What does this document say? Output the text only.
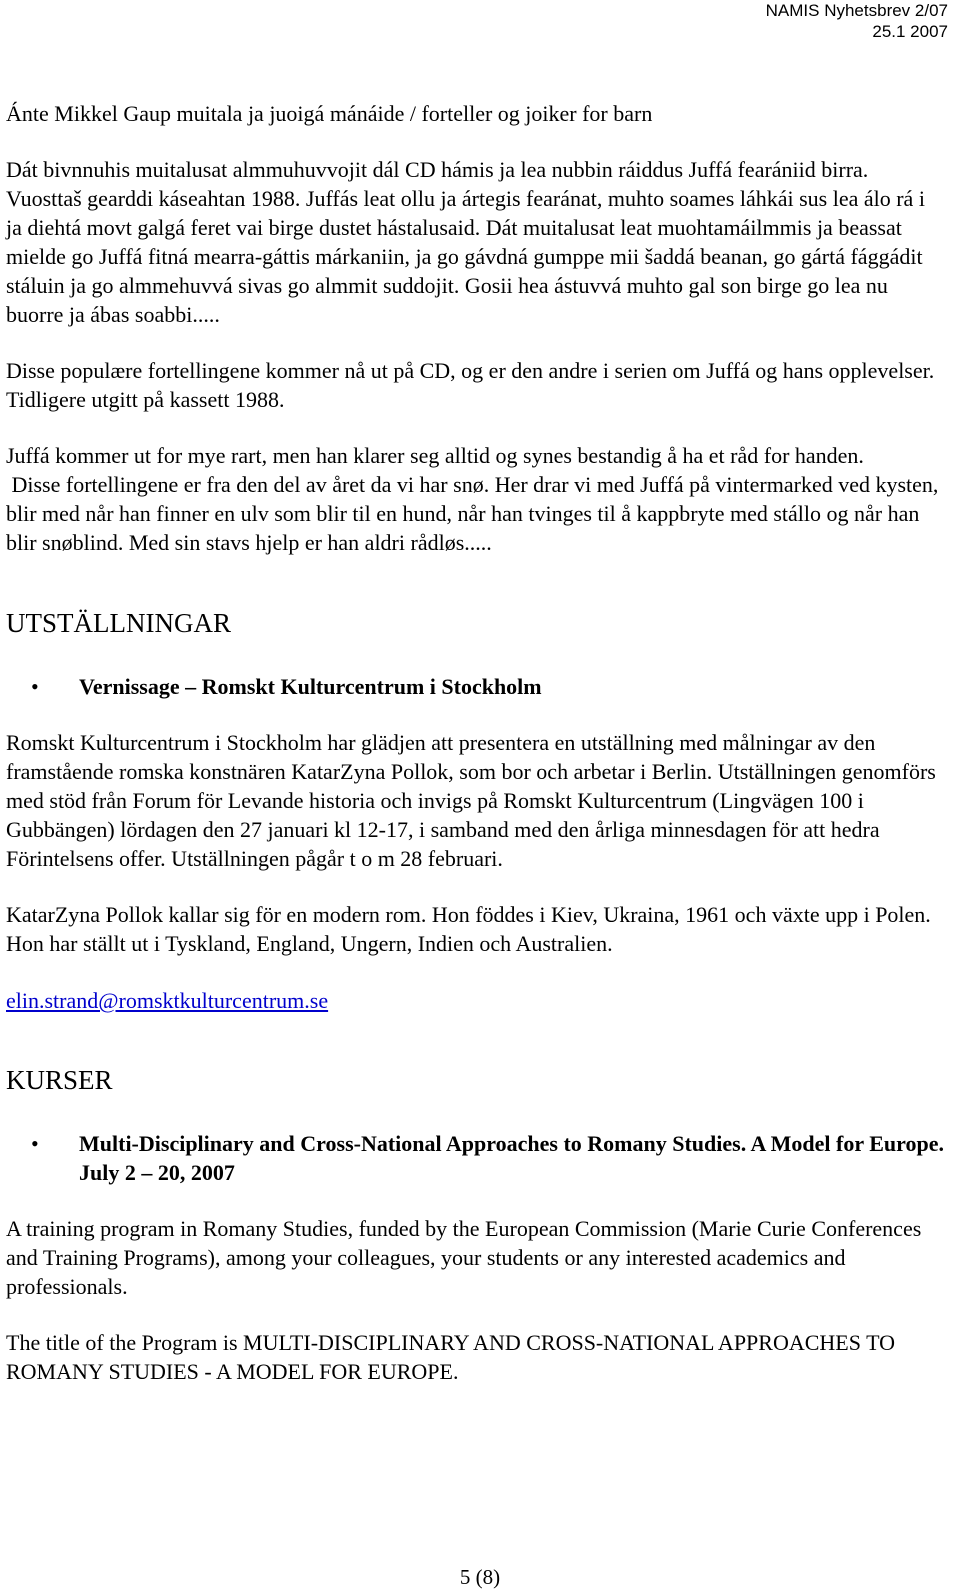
NAMIS Nyhetsbrev 2/07
25.1 2007

Ánte Mikkel Gaup muitala ja juoigá mánáide / forteller og joiker for barn

Dát bivnnuhis muitalusat almmuhuvvojit dál CD hámis ja lea nubbin ráiddus Juffá fearániid birra. Vuosttaš gearddi káseahtan 1988. Juffás leat ollu ja ártegis fearánat, muhto soames láhkái sus lea álo rá i ja diehtá movt galgá feret vai birge dustet hástalusaid. Dát muitalusat leat muohtamáilmmis ja beassat mielde go Juffá fitná mearra-gáttis márkaniin, ja go gávdná gumppe mii šaddá beanan, go gártá fággádit stáluin ja go almmehuvvá sivas go almmit suddojit. Gosii hea ástuvvá muhto gal son birge go lea nu buorre ja ábas soabbi.....

Disse populære fortellingene kommer nå ut på CD, og er den andre i serien om Juffá og hans opplevelser. Tidligere utgitt på kassett 1988.

Juffá kommer ut for mye rart, men han klarer seg alltid og synes bestandig å ha et råd for handen.

Disse fortellingene er fra den del av året da vi har snø. Her drar vi med Juffá på vintermarked ved kysten, blir med når han finner en ulv som blir til en hund, når han tvinges til å kappbryte med stállo og når han blir snøblind. Med sin stavs hjelp er han aldri rådløs.....

UTSTÄLLNINGAR

• Vernissage – Romskt Kulturcentrum i Stockholm

Romskt Kulturcentrum i Stockholm har glädjen att presentera en utställning med målningar av den framstående romska konstnären KatarZyna Pollok, som bor och arbetar i Berlin. Utställningen genomförs med stöd från Forum för Levande historia och invigs på Romskt Kulturcentrum (Lingvägen 100 i Gubbängen) lördagen den 27 januari kl 12-17, i samband med den årliga minnesdagen för att hedra Förintelsens offer. Utställningen pågår t o m 28 februari.

KatarZyna Pollok kallar sig för en modern rom. Hon föddes i Kiev, Ukraina, 1961 och växte upp i Polen. Hon har ställt ut i Tyskland, England, Ungern, Indien och Australien.

elin.strand@romsktkulturcentrum.se

KURSER

• Multi-Disciplinary and Cross-National Approaches to Romany Studies. A Model for Europe. July 2 – 20, 2007

A training program in Romany Studies, funded by the European Commission (Marie Curie Conferences and Training Programs), among your colleagues, your students or any interested academics and professionals.

The title of the Program is MULTI-DISCIPLINARY AND CROSS-NATIONAL APPROACHES TO ROMANY STUDIES - A MODEL FOR EUROPE.

5 (8)
